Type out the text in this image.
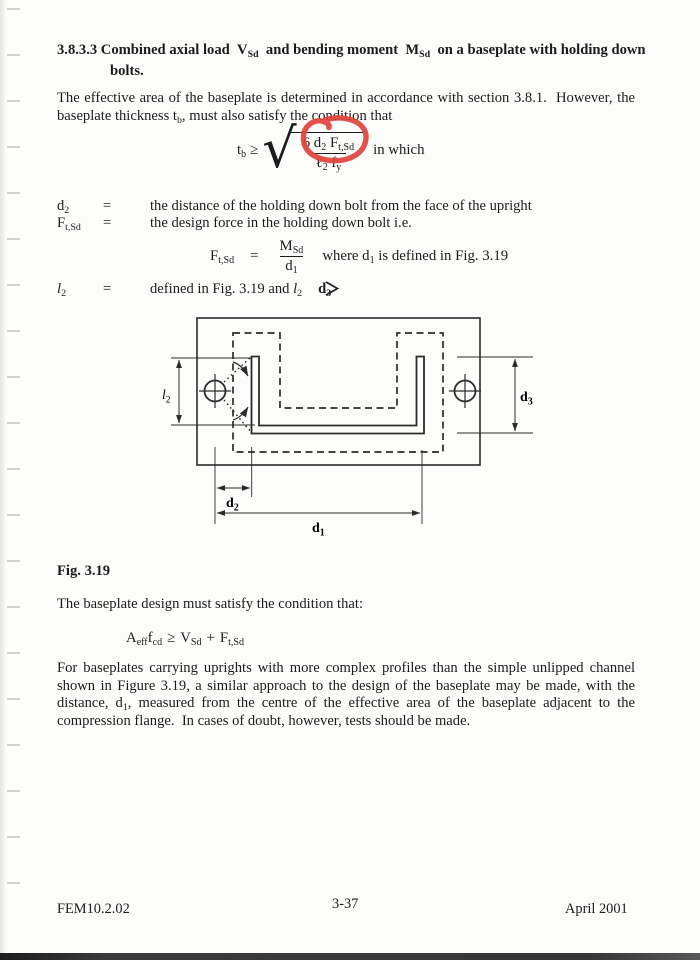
3.8.3.3 Combined axial load $V_{Sd}$ and bending moment $M_{Sd}$ on a baseplate with holding down
bolts.
The effective area of the baseplate is determined in accordance with section 3.8.1.  However, the baseplate thickness $t_b$, must also satisfy the condition that
$t_b$ ≥ √ $\frac{6 d_2 F_{t,Sd}}{\ell_2 f_y}$ in which
$d_2$	=	the distance of the holding down bolt from the face of the upright
$F_{t,Sd}$	=	the design force in the holding down bolt i.e.
$F_{t,Sd} = \frac{M_{Sd}}{d_1}$ where $d_1$ is defined in Fig. 3.19
$l_2$	=	defined in Fig. 3.19 and $l_2$ $d_3$
$l_2$	$d_3$
$d_2$
$d_1$
Fig. 3.19
The baseplate design must satisfy the condition that:
$A_{eff}f_{cd} \ge V_{Sd} + F_{t,Sd}$
For baseplates carrying uprights with more complex profiles than the simple unlipped channel shown in Figure 3.19, a similar approach to the design of the baseplate may be made, with the distance, $d_1$, measured from the centre of the effective area of the baseplate adjacent to the compression flange.  In cases of doubt, however, tests should be made.
FEM10.2.02	3-37	April 2001
